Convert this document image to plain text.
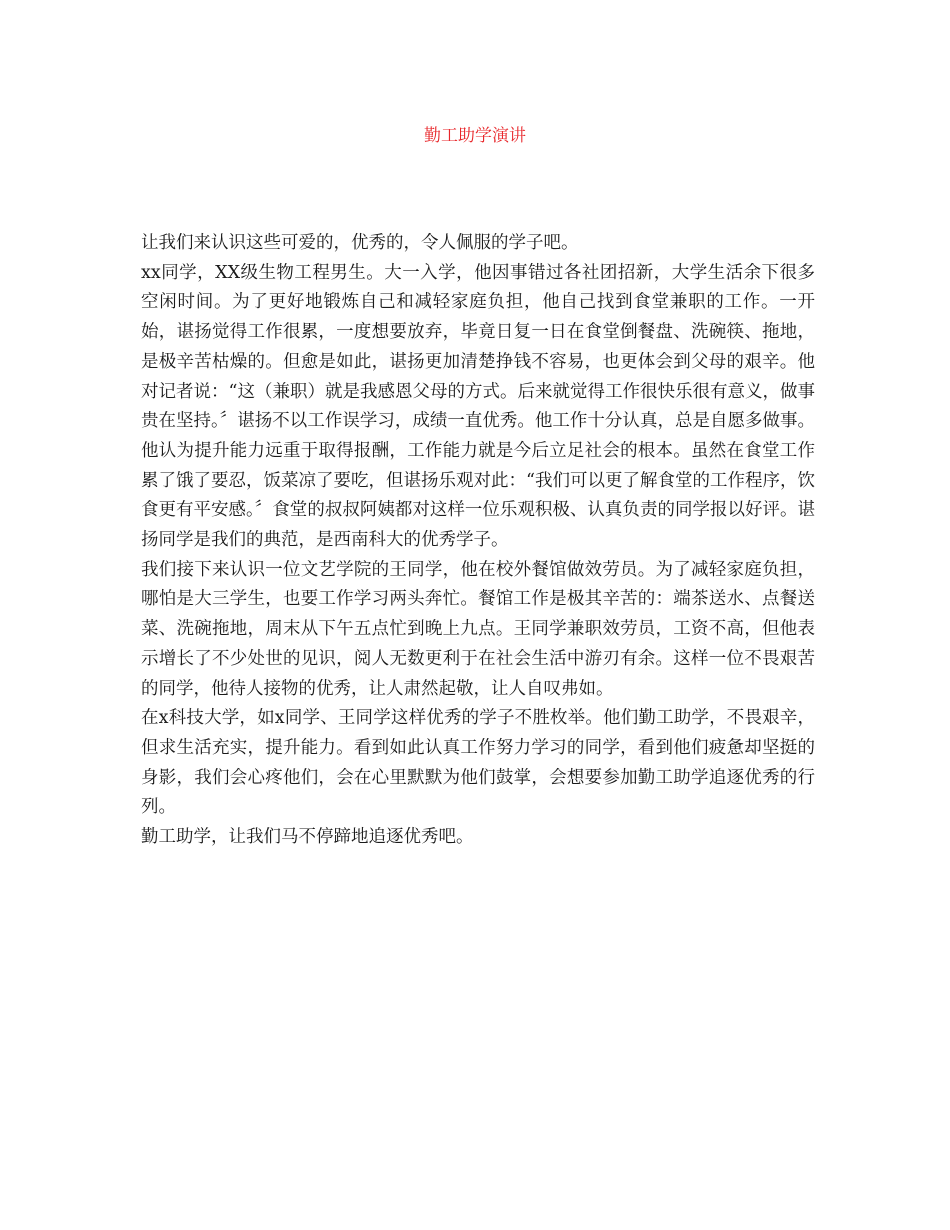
勤工助学演讲

让我们来认识这些可爱的，优秀的，令人佩服的学子吧。

xx同学，XX级生物工程男生。大一入学，他因事错过各社团招新，大学生活余下很多空闲时间。为了更好地锻炼自己和减轻家庭负担，他自己找到食堂兼职的工作。一开始，谌扬觉得工作很累，一度想要放弃，毕竟日复一日在食堂倒餐盘、洗碗筷、拖地，是极辛苦枯燥的。但愈是如此，谌扬更加清楚挣钱不容易，也更体会到父母的艰辛。他对记者说：“这（兼职）就是我感恩父母的方式。后来就觉得工作很快乐很有意义，做事贵在坚持。〞谌扬不以工作误学习，成绩一直优秀。他工作十分认真，总是自愿多做事。他认为提升能力远重于取得报酬，工作能力就是今后立足社会的根本。虽然在食堂工作累了饿了要忍，饭菜凉了要吃，但谌扬乐观对此：“我们可以更了解食堂的工作程序，饮食更有平安感。〞食堂的叔叔阿姨都对这样一位乐观积极、认真负责的同学报以好评。谌扬同学是我们的典范，是西南科大的优秀学子。

我们接下来认识一位文艺学院的王同学，他在校外餐馆做效劳员。为了减轻家庭负担，哪怕是大三学生，也要工作学习两头奔忙。餐馆工作是极其辛苦的：端茶送水、点餐送菜、洗碗拖地，周末从下午五点忙到晚上九点。王同学兼职效劳员，工资不高，但他表示增长了不少处世的见识，阅人无数更利于在社会生活中游刃有余。这样一位不畏艰苦的同学，他待人接物的优秀，让人肃然起敬，让人自叹弗如。

在x科技大学，如x同学、王同学这样优秀的学子不胜枚举。他们勤工助学，不畏艰辛，但求生活充实，提升能力。看到如此认真工作努力学习的同学，看到他们疲惫却坚挺的身影，我们会心疼他们，会在心里默默为他们鼓掌，会想要参加勤工助学追逐优秀的行列。

勤工助学，让我们马不停蹄地追逐优秀吧。
